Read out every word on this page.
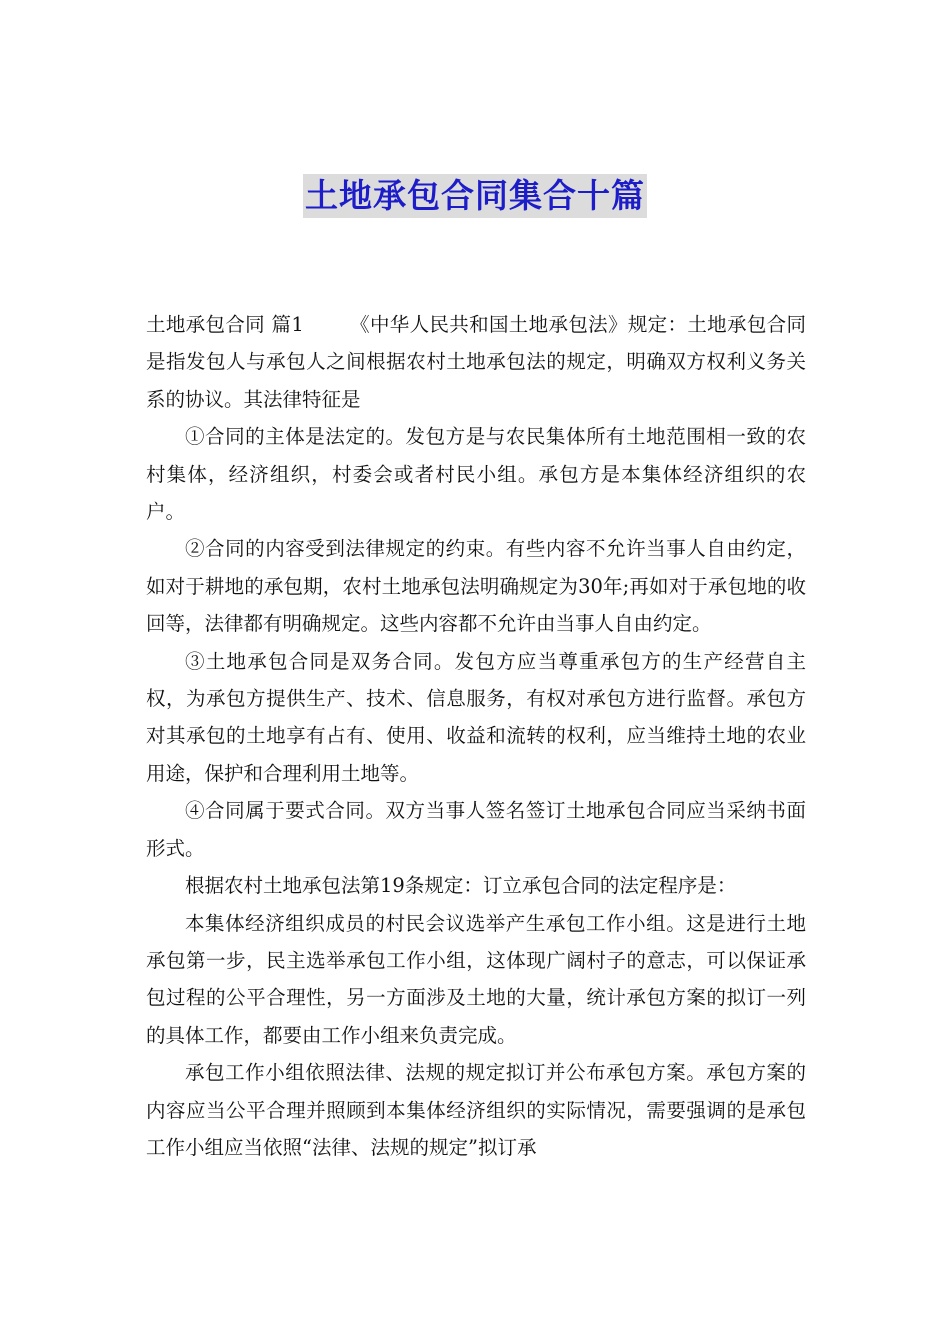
土地承包合同集合十篇

土地承包合同 篇1 《中华人民共和国土地承包法》规定：土地承包合同是指发包人与承包人之间根据农村土地承包法的规定，明确双方权利义务关系的协议。其法律特征是

①合同的主体是法定的。发包方是与农民集体所有土地范围相一致的农村集体，经济组织，村委会或者村民小组。承包方是本集体经济组织的农户。

②合同的内容受到法律规定的约束。有些内容不允许当事人自由约定，如对于耕地的承包期，农村土地承包法明确规定为30年;再如对于承包地的收回等，法律都有明确规定。这些内容都不允许由当事人自由约定。

③土地承包合同是双务合同。发包方应当尊重承包方的生产经营自主权，为承包方提供生产、技术、信息服务，有权对承包方进行监督。承包方对其承包的土地享有占有、使用、收益和流转的权利，应当维持土地的农业用途，保护和合理利用土地等。

④合同属于要式合同。双方当事人签名签订土地承包合同应当采纳书面形式。

根据农村土地承包法第19条规定：订立承包合同的法定程序是：

本集体经济组织成员的村民会议选举产生承包工作小组。这是进行土地承包第一步，民主选举承包工作小组，这体现广阔村子的意志，可以保证承包过程的公平合理性，另一方面涉及土地的大量，统计承包方案的拟订一列的具体工作，都要由工作小组来负责完成。

承包工作小组依照法律、法规的规定拟订并公布承包方案。承包方案的内容应当公平合理并照顾到本集体经济组织的实际情况，需要强调的是承包工作小组应当依照“法律、法规的规定”拟订承
